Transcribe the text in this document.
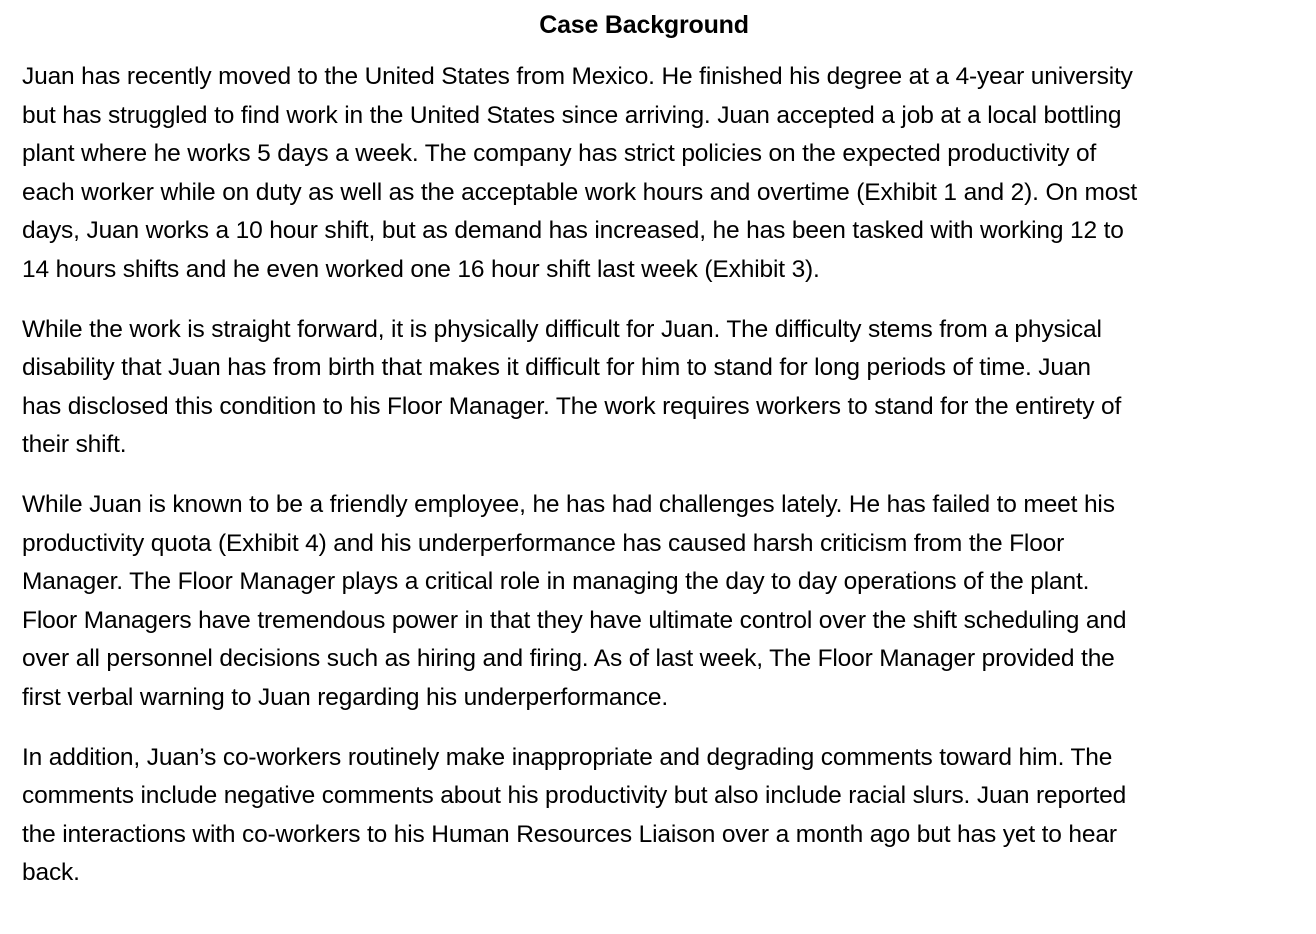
Case Background

Juan has recently moved to the United States from Mexico. He finished his degree at a 4-year university
but has struggled to find work in the United States since arriving. Juan accepted a job at a local bottling
plant where he works 5 days a week. The company has strict policies on the expected productivity of
each worker while on duty as well as the acceptable work hours and overtime (Exhibit 1 and 2). On most
days, Juan works a 10 hour shift, but as demand has increased, he has been tasked with working 12 to
14 hours shifts and he even worked one 16 hour shift last week (Exhibit 3).

While the work is straight forward, it is physically difficult for Juan. The difficulty stems from a physical
disability that Juan has from birth that makes it difficult for him to stand for long periods of time. Juan
has disclosed this condition to his Floor Manager. The work requires workers to stand for the entirety of
their shift.

While Juan is known to be a friendly employee, he has had challenges lately. He has failed to meet his
productivity quota (Exhibit 4) and his underperformance has caused harsh criticism from the Floor
Manager. The Floor Manager plays a critical role in managing the day to day operations of the plant.
Floor Managers have tremendous power in that they have ultimate control over the shift scheduling and
over all personnel decisions such as hiring and firing. As of last week, The Floor Manager provided the
first verbal warning to Juan regarding his underperformance.

In addition, Juan’s co-workers routinely make inappropriate and degrading comments toward him. The
comments include negative comments about his productivity but also include racial slurs. Juan reported
the interactions with co-workers to his Human Resources Liaison over a month ago but has yet to hear
back.
